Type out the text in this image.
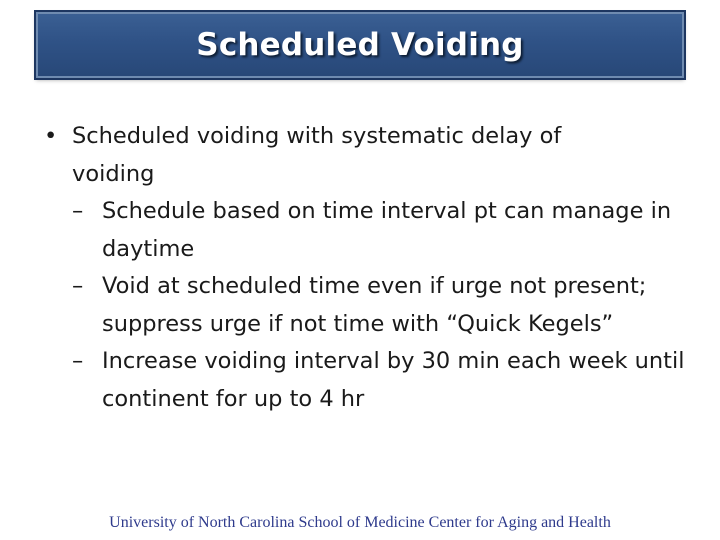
Scheduled Voiding
• Scheduled voiding with systematic delay of voiding
– Schedule based on time interval pt can manage in daytime
– Void at scheduled time even if urge not present; suppress urge if not time with “Quick Kegels”
– Increase voiding interval by 30 min each week until continent for up to 4 hr
University of North Carolina School of Medicine Center for Aging and Health
